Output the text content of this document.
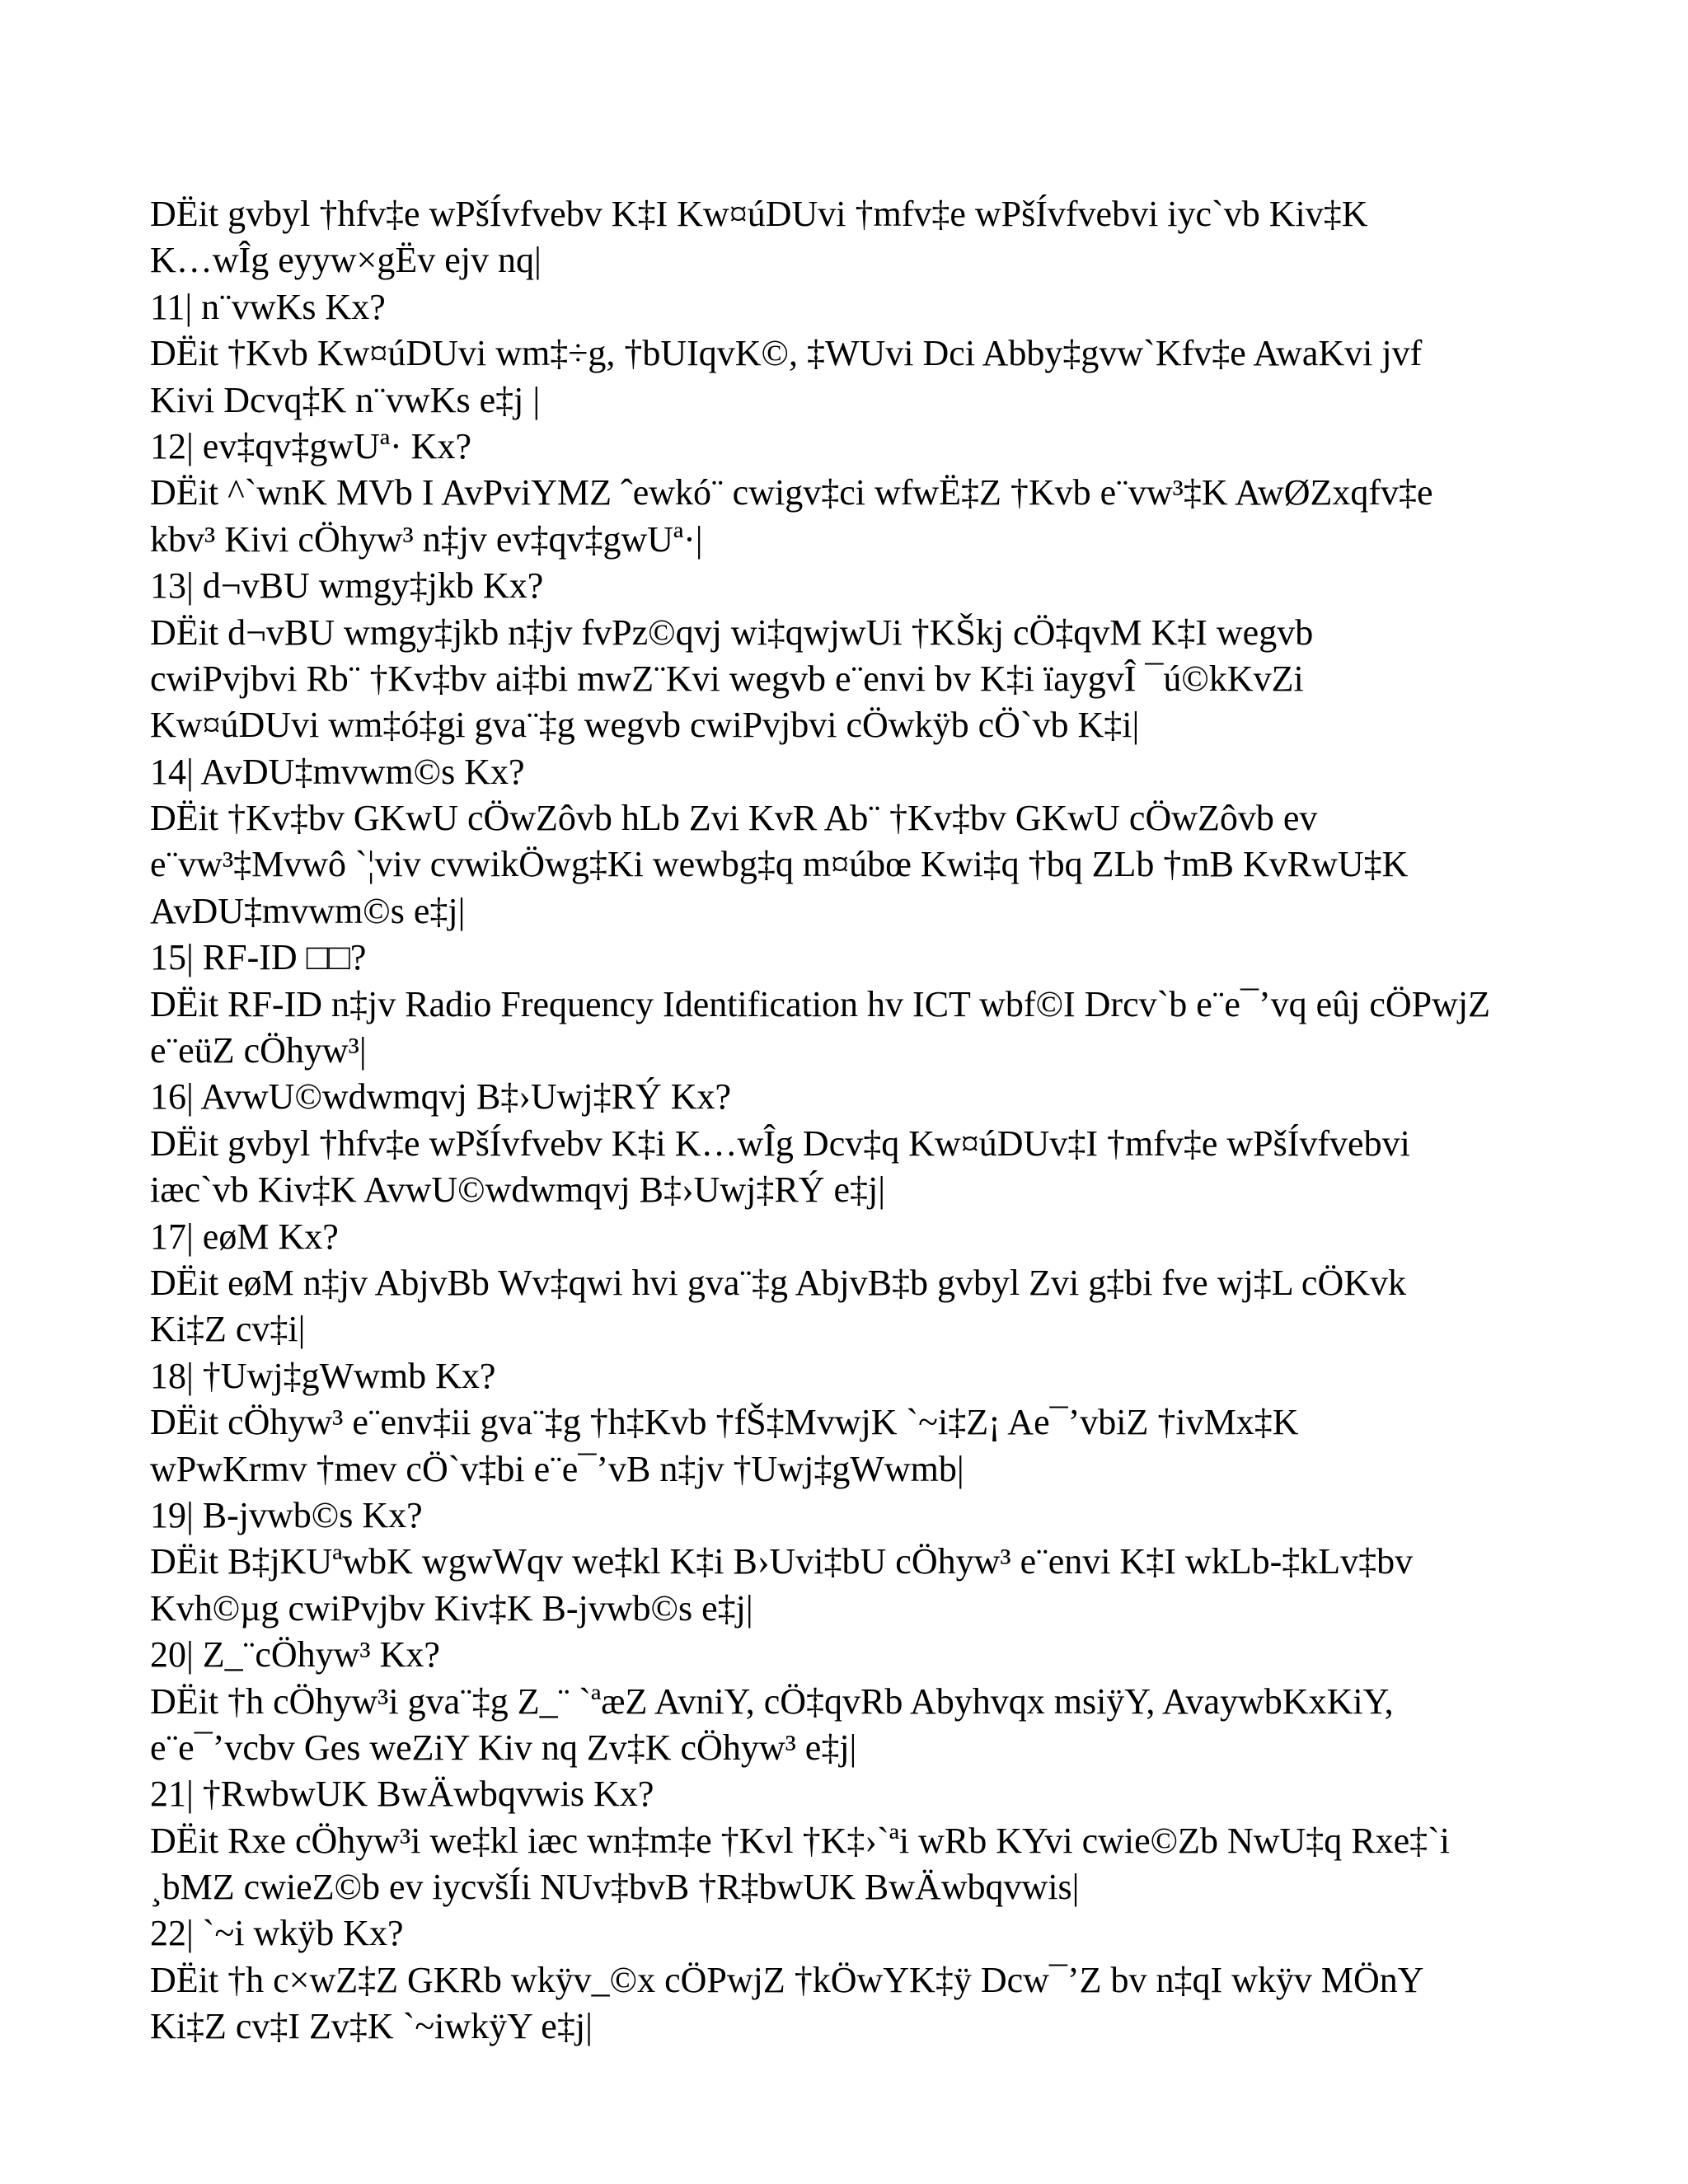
DËit gvbyl †hfv‡e wPšÍvfvebv K‡I Kw¤úDUvi †mfv‡e wPšÍvfvebvi iyc`vb Kiv‡K
K…wÎg eyyw×gËv ejv nq|
11| n¨vwKs Kx?
DËit †Kvb Kw¤úDUvi wm‡÷g, †bUIqvK©, ‡WUvi Dci Abby‡gvw`Kfv‡e AwaKvi jvf
Kivi Dcvq‡K n¨vwKs e‡j |
12| ev‡qv‡gwUª· Kx?
DËit ^`wnK MVb I AvPviYMZ ˆewkó¨ cwigv‡ci wfwË‡Z †Kvb e¨vw³‡K AwØZxqfv‡e
kbv³ Kivi cÖhyw³ n‡jv ev‡qv‡gwUª·|
13| d¬vBU wmgy‡jkb Kx?
DËit d¬vBU wmgy‡jkb n‡jv fvPz©qvj wi‡qwjwUi †KŠkj cÖ‡qvM K‡I wegvb
cwiPvjbvi Rb¨ †Kv‡bv ai‡bi mwZ¨Kvi wegvb e¨envi bv K‡i ïaygvÎ ¯ú©kKvZi
Kw¤úDUvi wm‡ó‡gi gva¨‡g wegvb cwiPvjbvi cÖwkÿb cÖ`vb K‡i|
14| AvDU‡mvwm©s Kx?
DËit †Kv‡bv GKwU cÖwZôvb hLb Zvi KvR Ab¨ †Kv‡bv GKwU cÖwZôvb ev
e¨vw³‡Mvwô `¦viv cvwikÖwg‡Ki wewbg‡q m¤úbœ Kwi‡q †bq ZLb †mB KvRwU‡K
AvDU‡mvwm©s e‡j|
15| RF-ID □□?
DËit RF-ID n‡jv Radio Frequency Identification hv ICT wbf©I Drcv`b e¨e¯’vq eûj cÖPwjZ
e¨eüZ cÖhyw³|
16| AvwU©wdwmqvj B‡›Uwj‡RÝ Kx?
DËit gvbyl †hfv‡e wPšÍvfvebv K‡i K…wÎg Dcv‡q Kw¤úDUv‡I †mfv‡e wPšÍvfvebvi
iæc`vb Kiv‡K AvwU©wdwmqvj B‡›Uwj‡RÝ e‡j|
17| eøM Kx?
DËit eøM n‡jv AbjvBb Wv‡qwi hvi gva¨‡g AbjvB‡b gvbyl Zvi g‡bi fve wj‡L cÖKvk
Ki‡Z cv‡i|
18| †Uwj‡gWwmb Kx?
DËit cÖhyw³ e¨env‡ii gva¨‡g †h‡Kvb †fŠ‡MvwjK `~i‡Z¡ Ae¯’vbiZ †ivMx‡K
wPwKrmv †mev cÖ`v‡bi e¨e¯’vB n‡jv †Uwj‡gWwmb|
19| B-jvwb©s Kx?
DËit B‡jKUªwbK wgwWqv we‡kl K‡i B›Uvi‡bU cÖhyw³ e¨envi K‡I wkLb-‡kLv‡bv
Kvh©µg cwiPvjbv Kiv‡K B-jvwb©s e‡j|
20| Z_¨cÖhyw³ Kx?
DËit †h cÖhyw³i gva¨‡g Z_¨ `ªæZ AvniY, cÖ‡qvRb Abyhvqx msiÿY, AvaywbKxKiY,
e¨e¯’vcbv Ges weZiY Kiv nq Zv‡K cÖhyw³ e‡j|
21| †RwbwUK BwÄwbqvwis Kx?
DËit Rxe cÖhyw³i we‡kl iæc wn‡m‡e †Kvl †K‡›`ªi wRb KYvi cwie©Zb NwU‡q Rxe‡`i
¸bMZ cwieZ©b ev iycvšÍi NUv‡bvB †R‡bwUK BwÄwbqvwis|
22| `~i wkÿb Kx?
DËit †h c×wZ‡Z GKRb wkÿv_©x cÖPwjZ †kÖwYK‡ÿ Dcw¯’Z bv n‡qI wkÿv MÖnY
Ki‡Z cv‡I Zv‡K `~iwkÿY e‡j|
